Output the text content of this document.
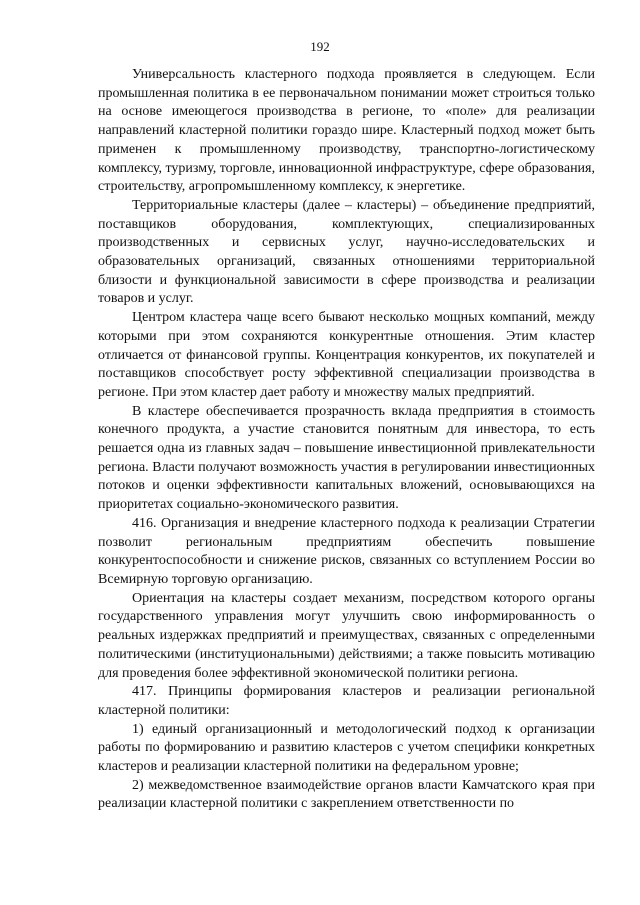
192

Универсальность кластерного подхода проявляется в следующем. Если промышленная политика в ее первоначальном понимании может строиться только на основе имеющегося производства в регионе, то «поле» для реализации направлений кластерной политики гораздо шире. Кластерный подход может быть применен к промышленному производству, транспортно-логистическому комплексу, туризму, торговле, инновационной инфраструктуре, сфере образования, строительству, агропромышленному комплексу, к энергетике.

Территориальные кластеры (далее – кластеры) – объединение предприятий, поставщиков оборудования, комплектующих, специализированных производственных и сервисных услуг, научно-исследовательских и образовательных организаций, связанных отношениями территориальной близости и функциональной зависимости в сфере производства и реализации товаров и услуг.

Центром кластера чаще всего бывают несколько мощных компаний, между которыми при этом сохраняются конкурентные отношения. Этим кластер отличается от финансовой группы. Концентрация конкурентов, их покупателей и поставщиков способствует росту эффективной специализации производства в регионе. При этом кластер дает работу и множеству малых предприятий.

В кластере обеспечивается прозрачность вклада предприятия в стоимость конечного продукта, а участие становится понятным для инвестора, то есть решается одна из главных задач – повышение инвестиционной привлекательности региона. Власти получают возможность участия в регулировании инвестиционных потоков и оценки эффективности капитальных вложений, основывающихся на приоритетах социально-экономического развития.

416. Организация и внедрение кластерного подхода к реализации Стратегии позволит региональным предприятиям обеспечить повышение конкурентоспособности и снижение рисков, связанных со вступлением России во Всемирную торговую организацию.

Ориентация на кластеры создает механизм, посредством которого органы государственного управления могут улучшить свою информированность о реальных издержках предприятий и преимуществах, связанных с определенными политическими (институциональными) действиями; а также повысить мотивацию для проведения более эффективной экономической политики региона.

417. Принципы формирования кластеров и реализации региональной кластерной политики:

1) единый организационный и методологический подход к организации работы по формированию и развитию кластеров с учетом специфики конкретных кластеров и реализации кластерной политики на федеральном уровне;

2) межведомственное взаимодействие органов власти Камчатского края при реализации кластерной политики с закреплением ответственности по
